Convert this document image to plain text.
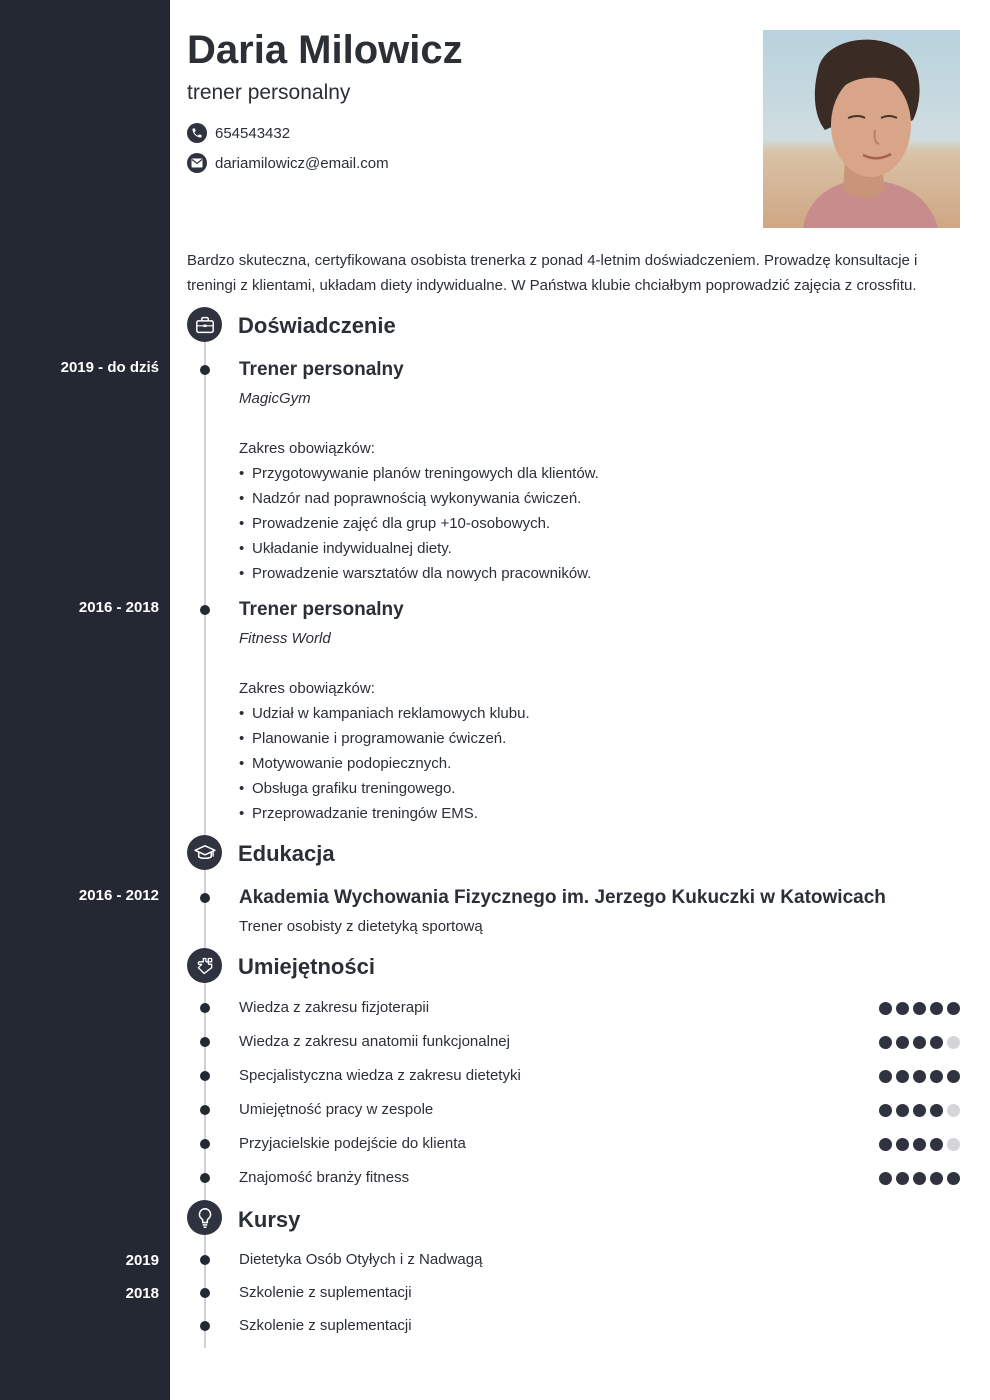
Daria Milowicz
trener personalny
654543432
dariamilowicz@email.com
Bardzo skuteczna, certyfikowana osobista trenerka z ponad 4-letnim doświadczeniem. Prowadzę konsultacje i treningi z klientami, układam diety indywidualne. W Państwa klubie chciałbym poprowadzić zajęcia z crossfitu.
Doświadczenie
2019 - do dziś	Trener personalny
MagicGym
Zakres obowiązków:
• Przygotowywanie planów treningowych dla klientów.
• Nadzór nad poprawnością wykonywania ćwiczeń.
• Prowadzenie zajęć dla grup +10-osobowych.
• Układanie indywidualnej diety.
• Prowadzenie warsztatów dla nowych pracowników.
2016 - 2018	Trener personalny
Fitness World
Zakres obowiązków:
• Udział w kampaniach reklamowych klubu.
• Planowanie i programowanie ćwiczeń.
• Motywowanie podopiecznych.
• Obsługa grafiku treningowego.
• Przeprowadzanie treningów EMS.
Edukacja
2016 - 2012	Akademia Wychowania Fizycznego im. Jerzego Kukuczki w Katowicach
Trener osobisty z dietetyką sportową
Umiejętności
Wiedza z zakresu fizjoterapii
Wiedza z zakresu anatomii funkcjonalnej
Specjalistyczna wiedza z zakresu dietetyki
Umiejętność pracy w zespole
Przyjacielskie podejście do klienta
Znajomość branży fitness
Kursy
2019	Dietetyka Osób Otyłych i z Nadwagą
2018	Szkolenie z suplementacji
Szkolenie z suplementacji
